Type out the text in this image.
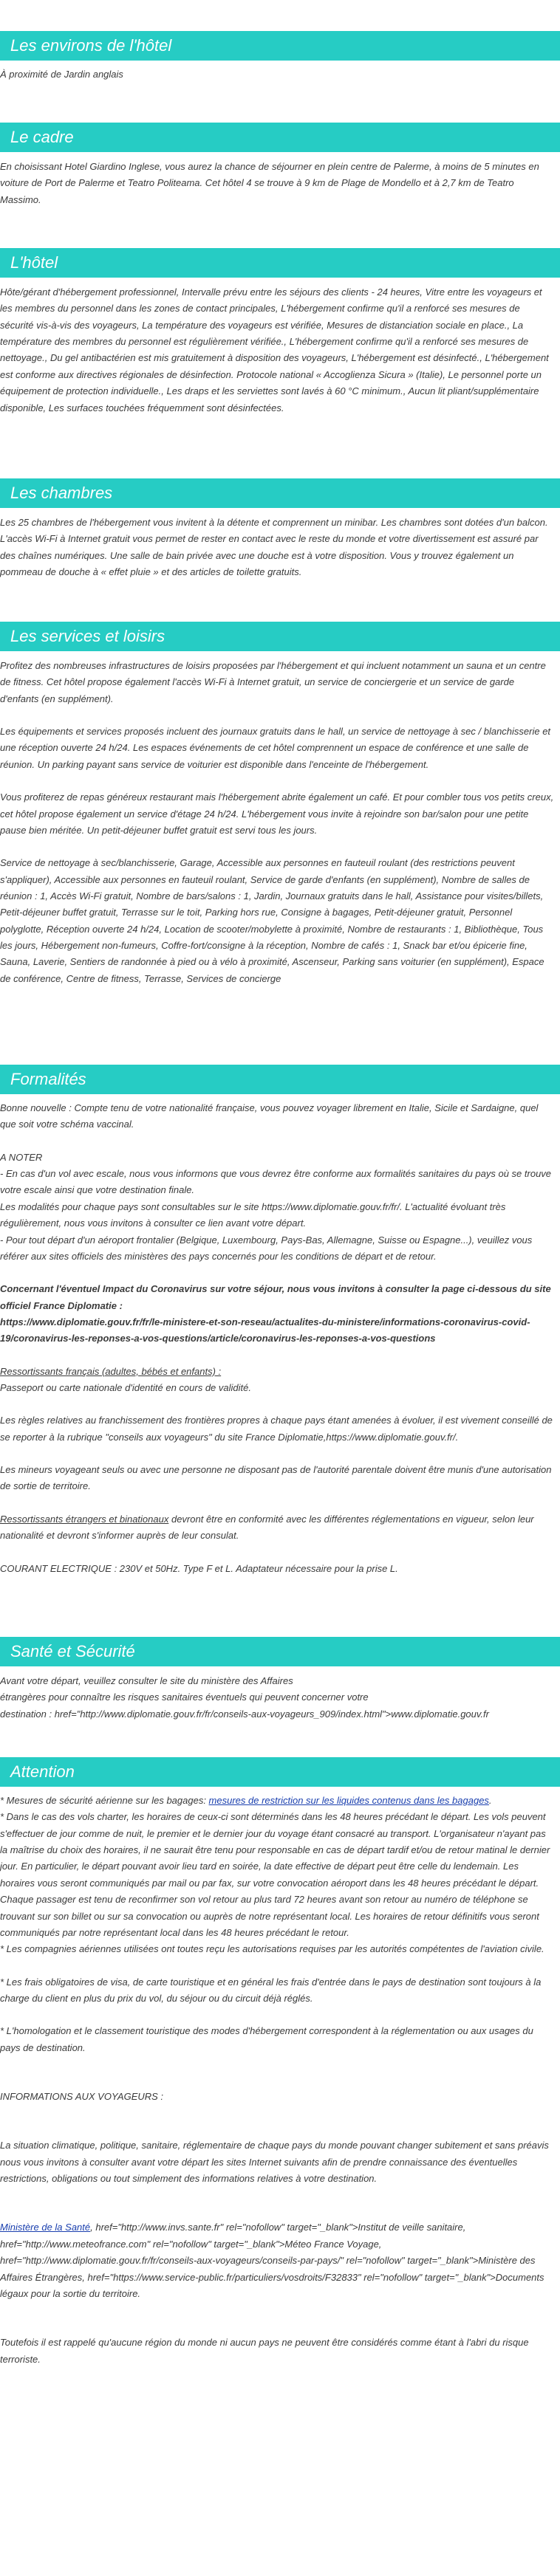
Les environs de l'hôtel

À proximité de Jardin anglais

Le cadre

En choisissant Hotel Giardino Inglese, vous aurez la chance de séjourner en plein centre de Palerme, à moins de 5 minutes en voiture de Port de Palerme et Teatro Politeama. Cet hôtel 4 se trouve à 9 km de Plage de Mondello et à 2,7 km de Teatro Massimo.

L'hôtel

Hôte/gérant d'hébergement professionnel, Intervalle prévu entre les séjours des clients - 24 heures, Vitre entre les voyageurs et les membres du personnel dans les zones de contact principales, L'hébergement confirme qu'il a renforcé ses mesures de sécurité vis-à-vis des voyageurs, La température des voyageurs est vérifiée, Mesures de distanciation sociale en place., La température des membres du personnel est régulièrement vérifiée., L'hébergement confirme qu'il a renforcé ses mesures de nettoyage., Du gel antibactérien est mis gratuitement à disposition des voyageurs, L'hébergement est désinfecté., L'hébergement est conforme aux directives régionales de désinfection. Protocole national « Accoglienza Sicura » (Italie), Le personnel porte un équipement de protection individuelle., Les draps et les serviettes sont lavés à 60 °C minimum., Aucun lit pliant/supplémentaire disponible, Les surfaces touchées fréquemment sont désinfectées.

Les chambres

Les 25 chambres de l'hébergement vous invitent à la détente et comprennent un minibar. Les chambres sont dotées d'un balcon. L'accès Wi-Fi à Internet gratuit vous permet de rester en contact avec le reste du monde et votre divertissement est assuré par des chaînes numériques. Une salle de bain privée avec une douche est à votre disposition. Vous y trouvez également un pommeau de douche à « effet pluie » et des articles de toilette gratuits.

Les services et loisirs

Profitez des nombreuses infrastructures de loisirs proposées par l'hébergement et qui incluent notamment un sauna et un centre de fitness. Cet hôtel propose également l'accès Wi-Fi à Internet gratuit, un service de conciergerie et un service de garde d'enfants (en supplément).

Les équipements et services proposés incluent des journaux gratuits dans le hall, un service de nettoyage à sec / blanchisserie et une réception ouverte 24 h/24. Les espaces événements de cet hôtel comprennent un espace de conférence et une salle de réunion. Un parking payant sans service de voiturier est disponible dans l'enceinte de l'hébergement.

Vous profiterez de repas généreux restaurant mais l'hébergement abrite également un café. Et pour combler tous vos petits creux, cet hôtel propose également un service d'étage 24 h/24. L'hébergement vous invite à rejoindre son bar/salon pour une petite pause bien méritée. Un petit-déjeuner buffet gratuit est servi tous les jours.

Service de nettoyage à sec/blanchisserie, Garage, Accessible aux personnes en fauteuil roulant (des restrictions peuvent s'appliquer), Accessible aux personnes en fauteuil roulant, Service de garde d'enfants (en supplément), Nombre de salles de réunion : 1, Accès Wi-Fi gratuit, Nombre de bars/salons : 1, Jardin, Journaux gratuits dans le hall, Assistance pour visites/billets, Petit-déjeuner buffet gratuit, Terrasse sur le toit, Parking hors rue, Consigne à bagages, Petit-déjeuner gratuit, Personnel polyglotte, Réception ouverte 24 h/24, Location de scooter/mobylette à proximité, Nombre de restaurants : 1, Bibliothèque, Tous les jours, Hébergement non-fumeurs, Coffre-fort/consigne à la réception, Nombre de cafés : 1, Snack bar et/ou épicerie fine, Sauna, Laverie, Sentiers de randonnée à pied ou à vélo à proximité, Ascenseur, Parking sans voiturier (en supplément), Espace de conférence, Centre de fitness, Terrasse, Services de concierge

Formalités

Bonne nouvelle : Compte tenu de votre nationalité française, vous pouvez voyager librement en Italie, Sicile et Sardaigne, quel que soit votre schéma vaccinal.

A NOTER

- En cas d'un vol avec escale, nous vous informons que vous devrez être conforme aux formalités sanitaires du pays où se trouve votre escale ainsi que votre destination finale.

Les modalités pour chaque pays sont consultables sur le site https://www.diplomatie.gouv.fr/fr/. L'actualité évoluant très régulièrement, nous vous invitons à consulter ce lien avant votre départ.

- Pour tout départ d'un aéroport frontalier (Belgique, Luxembourg, Pays-Bas, Allemagne, Suisse ou Espagne...), veuillez vous référer aux sites officiels des ministères des pays concernés pour les conditions de départ et de retour.

Concernant l'éventuel Impact du Coronavirus sur votre séjour, nous vous invitons à consulter la page ci-dessous du site officiel France Diplomatie :

https://www.diplomatie.gouv.fr/fr/le-ministere-et-son-reseau/actualites-du-ministere/informations-coronavirus-covid-19/coronavirus-les-reponses-a-vos-questions/article/coronavirus-les-reponses-a-vos-questions

Ressortissants français (adultes, bébés et enfants) :

Passeport ou carte nationale d'identité en cours de validité.

Les règles relatives au franchissement des frontières propres à chaque pays étant amenées à évoluer, il est vivement conseillé de se reporter à la rubrique "conseils aux voyageurs" du site France Diplomatie,https://www.diplomatie.gouv.fr/.

Les mineurs voyageant seuls ou avec une personne ne disposant pas de l'autorité parentale doivent être munis d'une autorisation de sortie de territoire.

Ressortissants étrangers et binationaux devront être en conformité avec les différentes réglementations en vigueur, selon leur nationalité et devront s'informer auprès de leur consulat.

COURANT ELECTRIQUE : 230V et 50Hz. Type F et L. Adaptateur nécessaire pour la prise L.

Santé et Sécurité

Avant votre départ, veuillez consulter le site du ministère des Affaires

étrangères pour connaître les risques sanitaires éventuels qui peuvent concerner votre

destination : href="http://www.diplomatie.gouv.fr/fr/conseils-aux-voyageurs_909/index.html">www.diplomatie.gouv.fr

Attention

* Mesures de sécurité aérienne sur les bagages: mesures de restriction sur les liquides contenus dans les bagages.

* Dans le cas des vols charter, les horaires de ceux-ci sont déterminés dans les 48 heures précédant le départ. Les vols peuvent s'effectuer de jour comme de nuit, le premier et le dernier jour du voyage étant consacré au transport. L'organisateur n'ayant pas la maîtrise du choix des horaires, il ne saurait être tenu pour responsable en cas de départ tardif et/ou de retour matinal le dernier jour. En particulier, le départ pouvant avoir lieu tard en soirée, la date effective de départ peut être celle du lendemain. Les horaires vous seront communiqués par mail ou par fax, sur votre convocation aéroport dans les 48 heures précédant le départ. Chaque passager est tenu de reconfirmer son vol retour au plus tard 72 heures avant son retour au numéro de téléphone se trouvant sur son billet ou sur sa convocation ou auprès de notre représentant local. Les horaires de retour définitifs vous seront communiqués par notre représentant local dans les 48 heures précédant le retour.

* Les compagnies aériennes utilisées ont toutes reçu les autorisations requises par les autorités compétentes de l'aviation civile.

* Les frais obligatoires de visa, de carte touristique et en général les frais d'entrée dans le pays de destination sont toujours à la charge du client en plus du prix du vol, du séjour ou du circuit déjà réglés.

* L'homologation et le classement touristique des modes d'hébergement correspondent à la réglementation ou aux usages du pays de destination.

INFORMATIONS AUX VOYAGEURS :

La situation climatique, politique, sanitaire, réglementaire de chaque pays du monde pouvant changer subitement et sans préavis

nous vous invitons à consulter avant votre départ les sites Internet suivants afin de prendre connaissance des éventuelles restrictions, obligations ou tout simplement des informations relatives à votre destination.

Ministère de la Santé, href="http://www.invs.sante.fr" rel="nofollow" target="_blank">Institut de veille sanitaire, href="http://www.meteofrance.com" rel="nofollow" target="_blank">Méteo France Voyage, href="http://www.diplomatie.gouv.fr/fr/conseils-aux-voyageurs/conseils-par-pays/" rel="nofollow" target="_blank">Ministère des Affaires Étrangères, href="https://www.service-public.fr/particuliers/vosdroits/F32833" rel="nofollow" target="_blank">Documents légaux pour la sortie du territoire.

Toutefois il est rappelé qu'aucune région du monde ni aucun pays ne peuvent être considérés comme étant à l'abri du risque terroriste.
